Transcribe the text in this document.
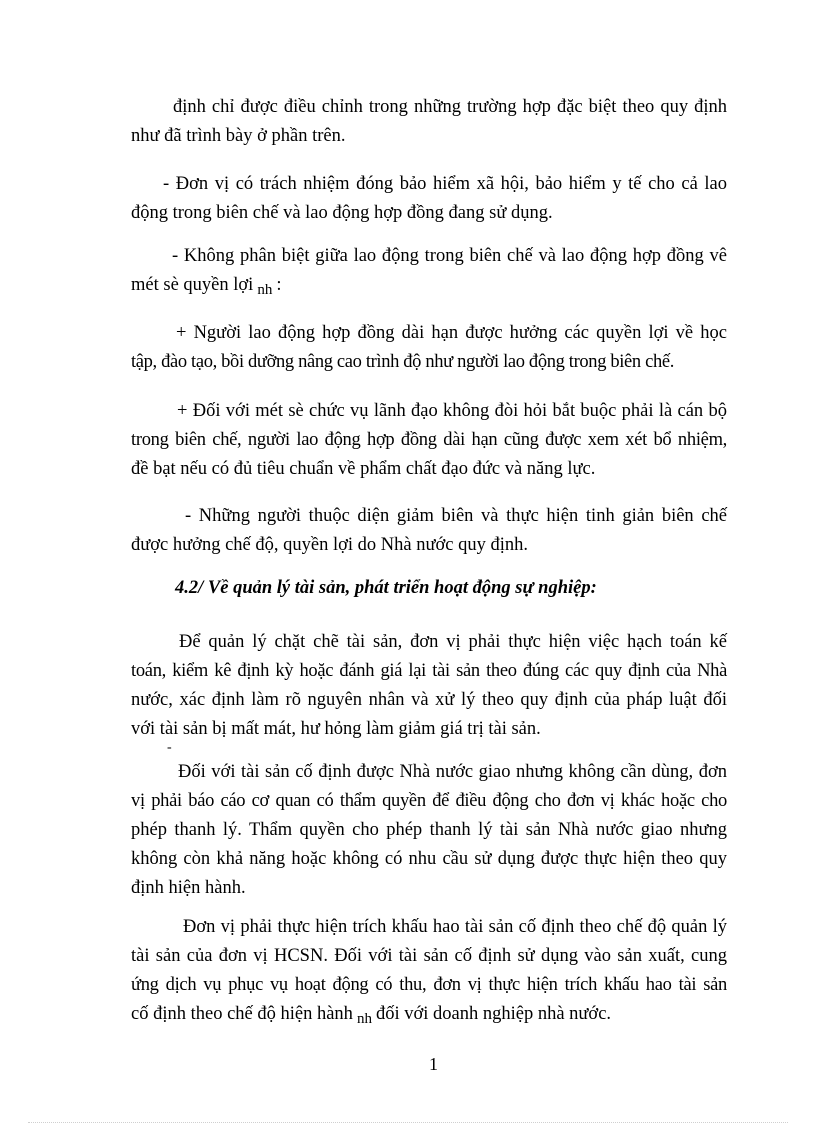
định chỉ được điều chỉnh trong những trường hợp đặc biệt theo quy định
như đã trình bày ở phần trên.
- Đơn vị có trách nhiệm đóng bảo hiểm xã hội, bảo hiểm y tế cho cả lao
động trong biên chế và lao động hợp đồng đang sử dụng.
- Không phân biệt giữa lao động trong biên chế và lao động hợp đồng vê
mét sè quyền lợi $_{nh}$ :
+ Người lao động hợp đồng dài hạn được hưởng các quyền lợi về học
tập, đào tạo, bồi dưỡng nâng cao trình độ như người lao động trong biên chế.
+ Đối với mét sè chức vụ lãnh đạo không đòi hỏi bắt buộc phải là cán bộ
trong biên chế, người lao động hợp đồng dài hạn cũng được xem xét bổ nhiệm,
đề bạt nếu có đủ tiêu chuẩn về phẩm chất đạo đức và năng lực.
- Những người thuộc diện giảm biên và thực hiện tinh giản biên chế
được hưởng chế độ, quyền lợi do Nhà nước quy định.

4.2/ Về quản lý tài sản, phát triển hoạt động sự nghiệp:

Để quản lý chặt chẽ tài sản, đơn vị phải thực hiện việc hạch toán kế
toán, kiểm kê định kỳ hoặc đánh giá lại tài sản theo đúng các quy định của Nhà
nước, xác định làm rõ nguyên nhân và xử lý theo quy định của pháp luật đối
với tài sản bị mất mát, hư hỏng làm giảm giá trị tài sản.
-
Đối với tài sản cố định được Nhà nước giao nhưng không cần dùng, đơn
vị phải báo cáo cơ quan có thẩm quyền để điều động cho đơn vị khác hoặc cho
phép thanh lý. Thẩm quyền cho phép thanh lý tài sản Nhà nước giao nhưng
không còn khả năng hoặc không có nhu cầu sử dụng được thực hiện theo quy
định hiện hành.
Đơn vị phải thực hiện trích khấu hao tài sản cố định theo chế độ quản lý
tài sản của đơn vị HCSN. Đối với tài sản cố định sử dụng vào sản xuất, cung
ứng dịch vụ phục vụ hoạt động có thu, đơn vị thực hiện trích khấu hao tài sản
cố định theo chế độ hiện hành $_{nh}$ đối với doanh nghiệp nhà nước.

1
